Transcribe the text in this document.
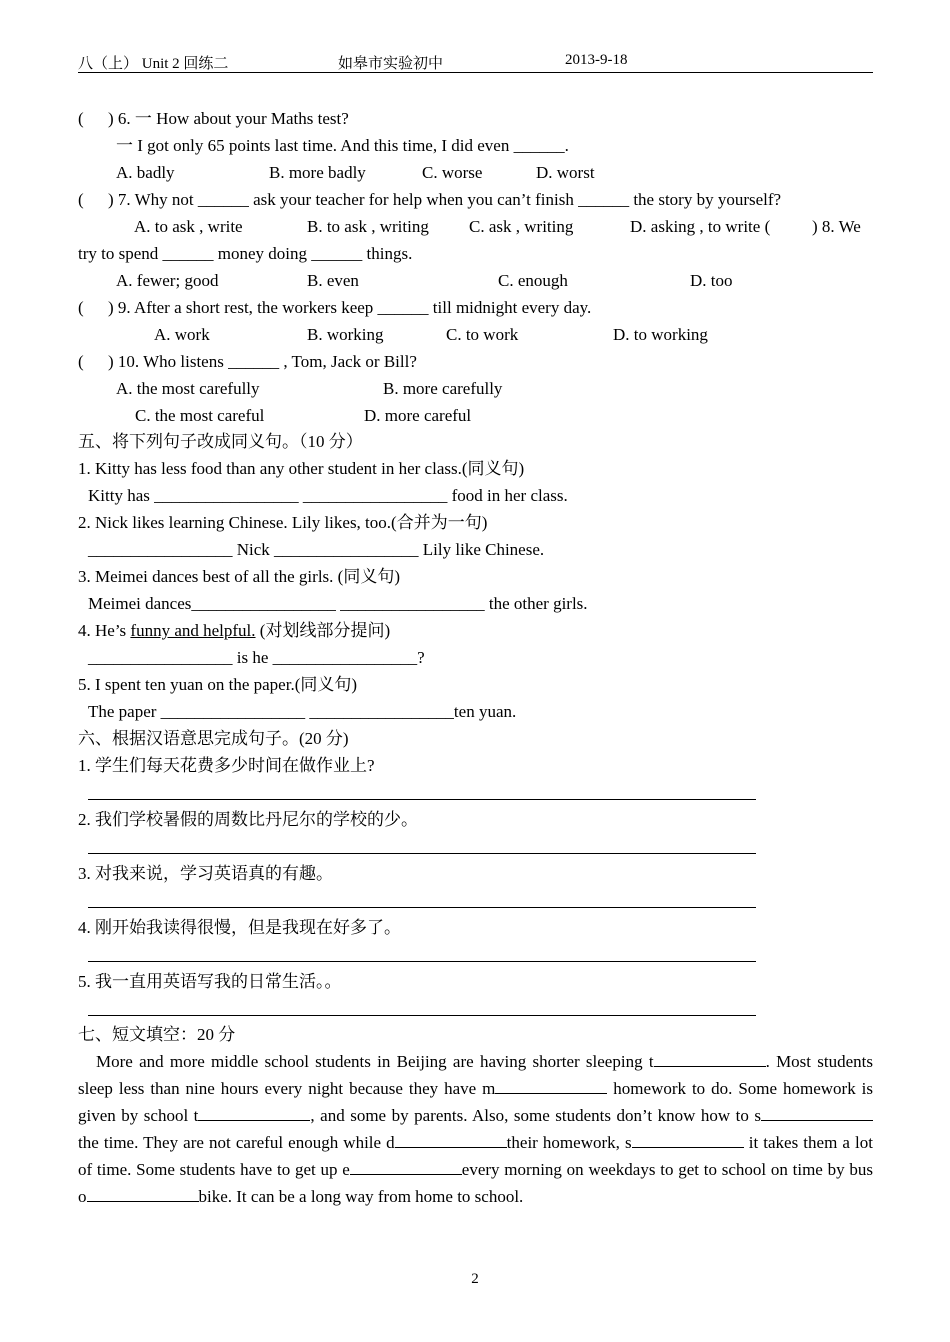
八（上） Unit 2 回练二	如皋市实验初中	2013-9-18
( ) 6. 一 How about your Maths test?
一 I got only 65 points last time. And this time, I did even ______.
A. badly	B. more badly	C. worse	D. worst
( ) 7. Why not ______ ask your teacher for help when you can’t finish ______ the story by yourself?
A. to ask , write	B. to ask , writing C. ask , writing	D. asking , to write ( ) 8. We
try to spend ______ money doing ______ things.
A. fewer; good	B. even	C. enough	D. too
( ) 9. After a short rest, the workers keep ______ till midnight every day.
A. work	B. working	C. to work	D. to working
( ) 10. Who listens ______ , Tom, Jack or Bill?
A. the most carefully	B. more carefully
C. the most careful	D. more careful
五、将下列句子改成同义句。（10 分）
1. Kitty has less food than any other student in her class.(同义句)
Kitty has _________________ _________________ food in her class.
2. Nick likes learning Chinese. Lily likes, too.(合并为一句)
_________________ Nick _________________ Lily like Chinese.
3. Meimei dances best of all the girls. (同义句)
Meimei dances_________________ _________________ the other girls.
4. He’s funny and helpful. (对划线部分提问)
_________________ is he _________________?
5. I spent ten yuan on the paper.(同义句)
The paper _________________ _________________ten yuan.
六、根据汉语意思完成句子。(20 分)
1. 学生们每天花费多少时间在做作业上?
2. 我们学校暑假的周数比丹尼尔的学校的少。
3. 对我来说，学习英语真的有趣。
4. 刚开始我读得很慢，但是我现在好多了。
5. 我一直用英语写我的日常生活。。
七、短文填空：20 分
More and more middle school students in Beijing are having shorter sleeping t	. Most students sleep less than nine hours every night because they have m	homework to do. Some homework is given by school t	, and some by parents. Also, some students don’t know how to s the time. They are not careful enough while d	their homework, s	it takes them a lot of time. Some students have to get up e	every morning on weekdays to get to school on time by bus o	bike. It can be a long way from home to school.
2
